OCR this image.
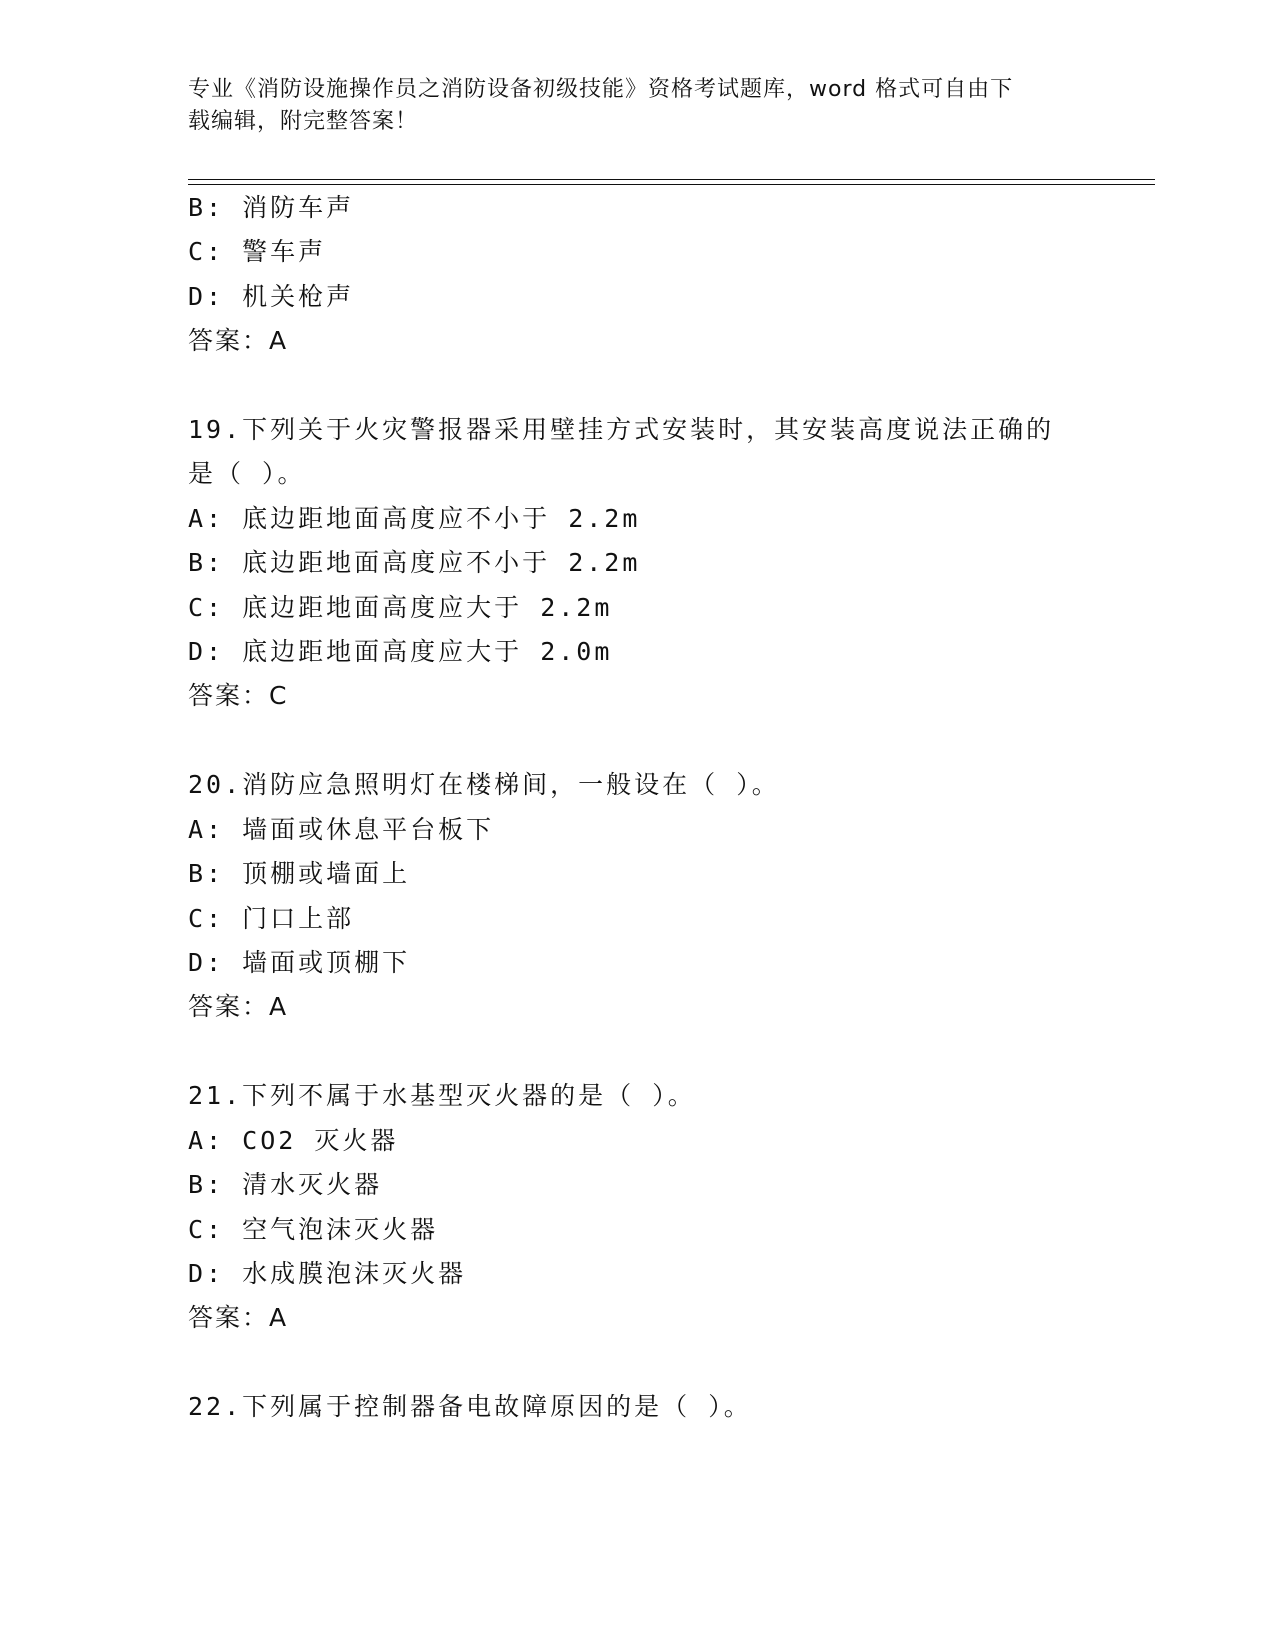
专业《消防设施操作员之消防设备初级技能》资格考试题库，word 格式可自由下
载编辑，附完整答案！
B: 消防车声
C: 警车声
D: 机关枪声
答案：A
19.下列关于火灾警报器采用壁挂方式安装时，其安装高度说法正确的
是（ ）。
A: 底边距地面高度应不小于 2.2m
B: 底边距地面高度应不小于 2.2m
C: 底边距地面高度应大于 2.2m
D: 底边距地面高度应大于 2.0m
答案：C
20.消防应急照明灯在楼梯间，一般设在（ ）。
A: 墙面或休息平台板下
B: 顶棚或墙面上
C: 门口上部
D: 墙面或顶棚下
答案：A
21.下列不属于水基型灭火器的是（ ）。
A: CO2 灭火器
B: 清水灭火器
C: 空气泡沫灭火器
D: 水成膜泡沫灭火器
答案：A
22.下列属于控制器备电故障原因的是（ ）。
